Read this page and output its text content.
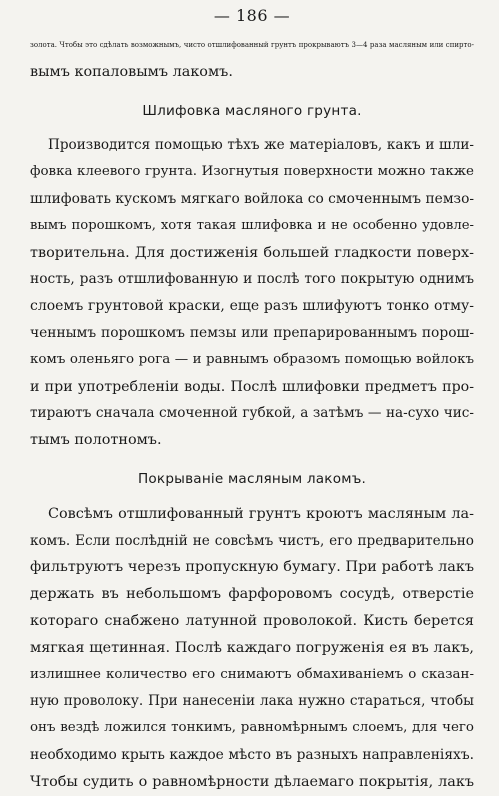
— 186 —
золота. Чтобы это сдѣлать возможнымъ, чисто отшлифованный грунтъ прокрываютъ 3—4 раза масляным или спирто-
вымъ копаловымъ лакомъ.
Шлифовка масляного грунта.
Производится помощью тѣхъ же матеріаловъ, какъ и шли-
фовка клеевого грунта. Изогнутыя поверхности можно также
шлифовать кускомъ мягкаго войлока со смоченнымъ пемзо-
вымъ порошкомъ, хотя такая шлифовка и не особенно удовле-
творительна. Для достиженія большей гладкости поверх-
ность, разъ отшлифованную и послѣ того покрытую однимъ
слоемъ грунтовой краски, еще разъ шлифуютъ тонко отму-
ченнымъ порошкомъ пемзы или препарированнымъ порош-
комъ оленьяго рога — и равнымъ образомъ помощью войлокъ
и при употребленіи воды. Послѣ шлифовки предметъ про-
тираютъ сначала смоченной губкой, а затѣмъ — на-сухо чис-
тымъ полотномъ.
Покрываніе масляным лакомъ.
Совсѣмъ отшлифованный грунтъ кроютъ масляным ла-
комъ. Если послѣдній не совсѣмъ чистъ, его предварительно
фильтруютъ черезъ пропускную бумагу. При работѣ лакъ
держать въ небольшомъ фарфоровомъ сосудѣ, отверстіе
котораго снабжено латунной проволокой. Кисть берется
мягкая щетинная. Послѣ каждаго погруженія ея въ лакъ,
излишнее количество его снимаютъ обмахиваніемъ о сказан-
ную проволоку. При нанесеніи лака нужно стараться, чтобы
онъ вездѣ ложился тонкимъ, равномѣрнымъ слоемъ, для чего
необходимо крыть каждое мѣсто въ разныхъ направленіяхъ.
Чтобы судить о равномѣрности дѣлаемаго покрытія, лакъ
